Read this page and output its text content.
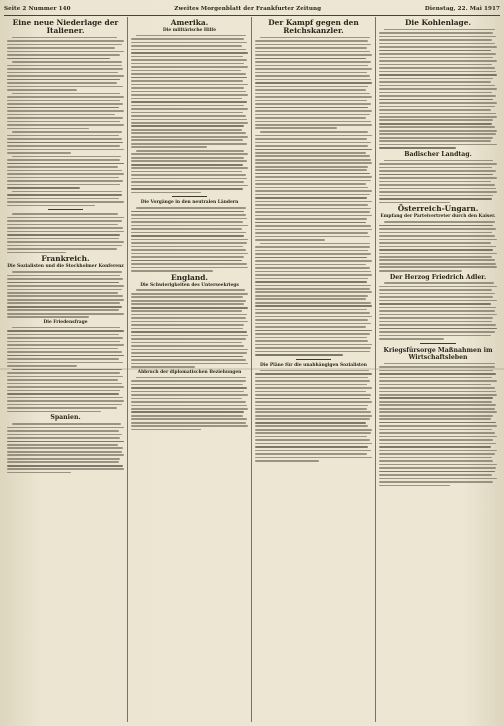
Seite 2 Nummer 140	Zweites Morgenblatt der Frankfurter Zeitung	Dienstag, 22. Mai 1917
Eine neue Niederlage der Italiener.
Frankreich.
Die Sozialisten und die Stockholmer Konferenz
Die Friedensfrage
Spanien.
Amerika.
Die militärische Hilfe
Die Vorgänge in den neutralen Ländern
England.
Die Schwierigkeiten des Unterseekriegs
Abbruch der diplomatischen Beziehungen
Der Kampf gegen den Reichskanzler.
Die Pläne für die unabhängigen Sozialisten
Die Kohlenlage.
Badischer Landtag.
Österreich-Ungarn.
Empfang der Parteivertreter durch den Kaiser.
Der Herzog Friedrich Adler.
Kriegsfürsorge Maßnahmen im Wirtschaftsleben
